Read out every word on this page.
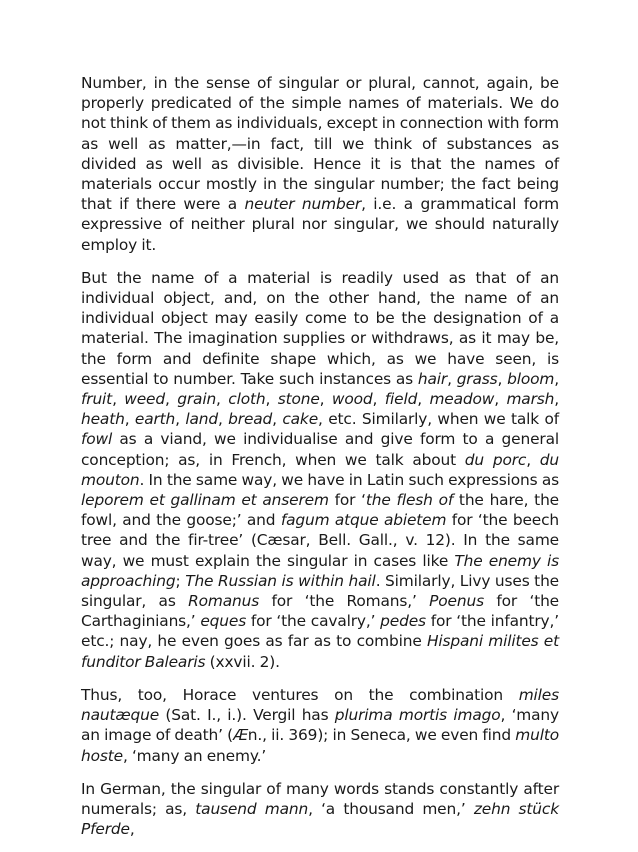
Number, in the sense of singular or plural, cannot, again, be properly predicated of the simple names of materials. We do not think of them as individuals, except in connection with form as well as matter,—in fact, till we think of substances as divided as well as divisible. Hence it is that the names of materials occur mostly in the singular number; the fact being that if there were a neuter number, i.e. a grammatical form expressive of neither plural nor singular, we should naturally employ it.

But the name of a material is readily used as that of an individual object, and, on the other hand, the name of an individual object may easily come to be the designation of a material. The imagination supplies or withdraws, as it may be, the form and definite shape which, as we have seen, is essential to number. Take such instances as hair, grass, bloom, fruit, weed, grain, cloth, stone, wood, field, meadow, marsh, heath, earth, land, bread, cake, etc. Similarly, when we talk of fowl as a viand, we individualise and give form to a general conception; as, in French, when we talk about du porc, du mouton. In the same way, we have in Latin such expressions as leporem et gallinam et anserem for ‘the flesh of the hare, the fowl, and the goose;’ and fagum atque abietem for ‘the beech tree and the fir-tree’ (Cæsar, Bell. Gall., v. 12). In the same way, we must explain the singular in cases like The enemy is approaching; The Russian is within hail. Similarly, Livy uses the singular, as Romanus for ‘the Romans,’ Poenus for ‘the Carthaginians,’ eques for ‘the cavalry,’ pedes for ‘the infantry,’ etc.; nay, he even goes as far as to combine Hispani milites et funditor Balearis (xxvii. 2).

Thus, too, Horace ventures on the combination miles nautæque (Sat. I., i.). Vergil has plurima mortis imago, ‘many an image of death’ (Æn., ii. 369); in Seneca, we even find multo hoste, ‘many an enemy.’

In German, the singular of many words stands constantly after numerals; as, tausend mann, ‘a thousand men,’ zehn stück Pferde,
